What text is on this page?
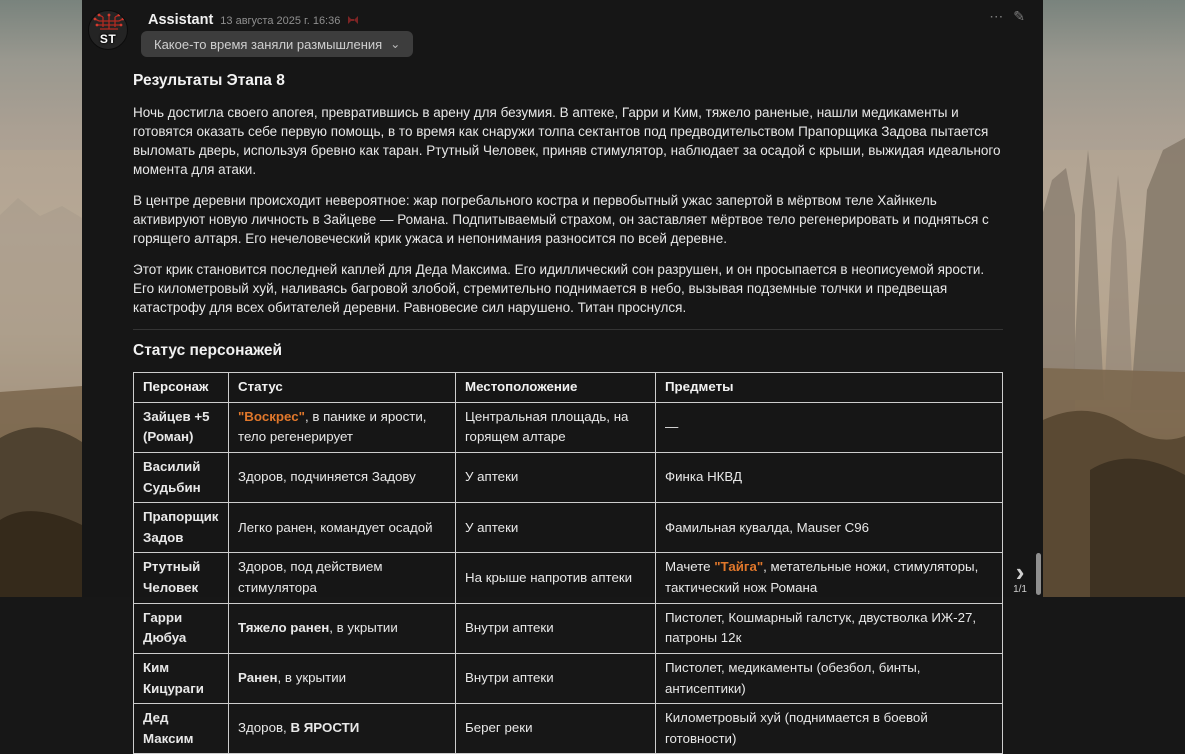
ST
Assistant 13 августа 2025 г. 16:36	⋯ ✎
Какое-то время заняли размышления ⌄
Результаты Этапа 8

Ночь достигла своего апогея, превратившись в арену для безумия. В аптеке, Гарри и Ким, тяжело раненые, нашли медикаменты и готовятся оказать себе первую помощь, в то время как снаружи толпа сектантов под предводительством Прапорщика Задова пытается выломать дверь, используя бревно как таран. Ртутный Человек, приняв стимулятор, наблюдает за осадой с крыши, выжидая идеального момента для атаки.

В центре деревни происходит невероятное: жар погребального костра и первобытный ужас запертой в мёртвом теле Хайнкель активируют новую личность в Зайцеве — Романа. Подпитываемый страхом, он заставляет мёртвое тело регенерировать и подняться с горящего алтаря. Его нечеловеческий крик ужаса и непонимания разносится по всей деревне.

Этот крик становится последней каплей для Деда Максима. Его идиллический сон разрушен, и он просыпается в неописуемой ярости. Его километровый хуй, наливаясь багровой злобой, стремительно поднимается в небо, вызывая подземные толчки и предвещая катастрофу для всех обитателей деревни. Равновесие сил нарушено. Титан проснулся.

Статус персонажей
Персонаж	Статус	Местоположение	Предметы
Зайцев +5 (Роман)	"Воскрес", в панике и ярости, тело регенерирует	Центральная площадь, на горящем алтаре	—
Василий Судьбин	Здоров, подчиняется Задову	У аптеки	Финка НКВД
Прапорщик Задов	Легко ранен, командует осадой	У аптеки	Фамильная кувалда, Mauser C96
Ртутный Человек	Здоров, под действием стимулятора	На крыше напротив аптеки	Мачете "Тайга", метательные ножи, стимуляторы, тактический нож Романа
Гарри Дюбуа	Тяжело ранен, в укрытии	Внутри аптеки	Пистолет, Кошмарный галстук, двустволка ИЖ-27, патроны 12к
Ким Кицураги	Ранен, в укрытии	Внутри аптеки	Пистолет, медикаменты (обезбол, бинты, антисептики)
Дед Максим	Здоров, В ЯРОСТИ	Берег реки	Километровый хуй (поднимается в боевой готовности)
›
1/1
